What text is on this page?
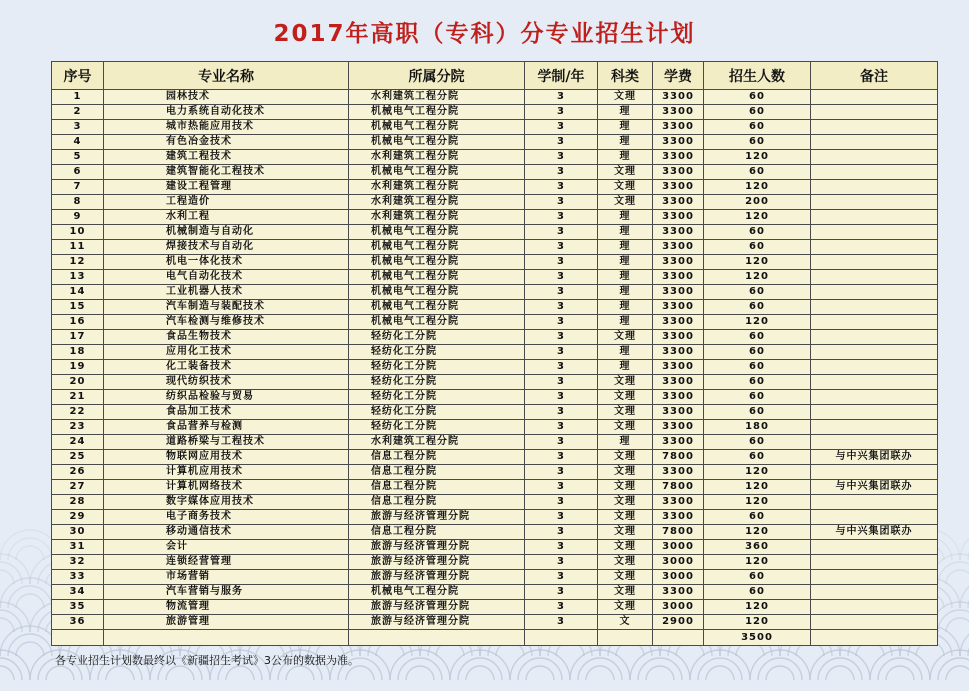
2017年高职（专科）分专业招生计划
序号	专业名称	所属分院	学制/年	科类	学费	招生人数	备注
1	园林技术	水利建筑工程分院	3	文理	3300	60	
2	电力系统自动化技术	机械电气工程分院	3	理	3300	60	
3	城市热能应用技术	机械电气工程分院	3	理	3300	60	
4	有色冶金技术	机械电气工程分院	3	理	3300	60	
5	建筑工程技术	水利建筑工程分院	3	理	3300	120	
6	建筑智能化工程技术	机械电气工程分院	3	文理	3300	60	
7	建设工程管理	水利建筑工程分院	3	文理	3300	120	
8	工程造价	水利建筑工程分院	3	文理	3300	200	
9	水利工程	水利建筑工程分院	3	理	3300	120	
10	机械制造与自动化	机械电气工程分院	3	理	3300	60	
11	焊接技术与自动化	机械电气工程分院	3	理	3300	60	
12	机电一体化技术	机械电气工程分院	3	理	3300	120	
13	电气自动化技术	机械电气工程分院	3	理	3300	120	
14	工业机器人技术	机械电气工程分院	3	理	3300	60	
15	汽车制造与装配技术	机械电气工程分院	3	理	3300	60	
16	汽车检测与维修技术	机械电气工程分院	3	理	3300	120	
17	食品生物技术	轻纺化工分院	3	文理	3300	60	
18	应用化工技术	轻纺化工分院	3	理	3300	60	
19	化工装备技术	轻纺化工分院	3	理	3300	60	
20	现代纺织技术	轻纺化工分院	3	文理	3300	60	
21	纺织品检验与贸易	轻纺化工分院	3	文理	3300	60	
22	食品加工技术	轻纺化工分院	3	文理	3300	60	
23	食品营养与检测	轻纺化工分院	3	文理	3300	180	
24	道路桥梁与工程技术	水利建筑工程分院	3	理	3300	60	
25	物联网应用技术	信息工程分院	3	文理	7800	60	与中兴集团联办
26	计算机应用技术	信息工程分院	3	文理	3300	120	
27	计算机网络技术	信息工程分院	3	文理	7800	120	与中兴集团联办
28	数字媒体应用技术	信息工程分院	3	文理	3300	120	
29	电子商务技术	旅游与经济管理分院	3	文理	3300	60	
30	移动通信技术	信息工程分院	3	文理	7800	120	与中兴集团联办
31	会计	旅游与经济管理分院	3	文理	3000	360	
32	连锁经营管理	旅游与经济管理分院	3	文理	3000	120	
33	市场营销	旅游与经济管理分院	3	文理	3000	60	
34	汽车营销与服务	机械电气工程分院	3	文理	3300	60	
35	物流管理	旅游与经济管理分院	3	文理	3000	120	
36	旅游管理	旅游与经济管理分院	3	文	2900	120	
						3500	
各专业招生计划数最终以《新疆招生考试》3公布的数据为准。
